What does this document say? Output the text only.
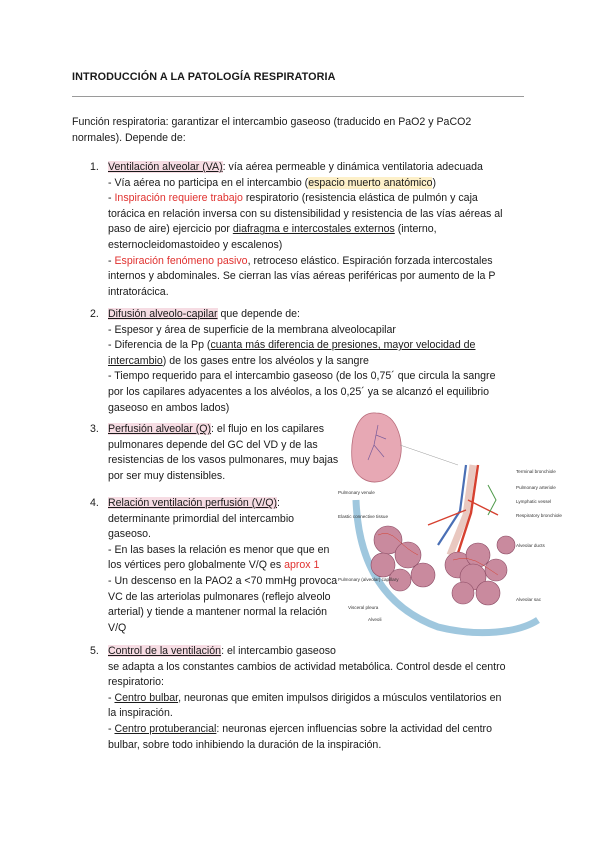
INTRODUCCIÓN A LA PATOLOGÍA RESPIRATORIA

Función respiratoria: garantizar el intercambio gaseoso (traducido en PaO2 y PaCO2

normales). Depende de:

1. Ventilación alveolar (VA): vía aérea permeable y dinámica ventilatoria adecuada

- Vía aérea no participa en el intercambio (espacio muerto anatómico)

- Inspiración requiere trabajo respiratorio (resistencia elástica de pulmón y caja

torácica en relación inversa con su distensibilidad y resistencia de las vías aéreas al

paso de aire) ejercicio por diafragma e intercostales externos (interno,

esternocleidomastoideo y escalenos)

- Espiración fenómeno pasivo, retroceso elástico. Espiración forzada intercostales

internos y abdominales. Se cierran las vías aéreas periféricas por aumento de la P

intratorácica.

2. Difusión alveolo-capilar que depende de:

- Espesor y área de superficie de la membrana alveolocapilar

- Diferencia de la Pp (cuanta más diferencia de presiones, mayor velocidad de

intercambio) de los gases entre los alvéolos y la sangre

- Tiempo requerido para el intercambio gaseoso (de los 0,75´ que circula la sangre

por los capilares adyacentes a los alvéolos, a los 0,25´ ya se alcanzó el equilibrio

gaseoso en ambos lados)

3. Perfusión alveolar (Q): el flujo en los capilares

pulmonares depende del GC del VD y de las

resistencias de los vasos pulmonares, muy bajas

por ser muy distensibles.

4. Relación ventilación perfusión (V/Q):

determinante primordial del intercambio

gaseoso.

- En las bases la relación es menor que que en

los vértices pero globalmente V/Q es aprox 1

- Un descenso en la PAO2 a <70 mmHg provoca

VC de las arteriolas pulmonares (reflejo alveolo

arterial) y tiende a mantener normal la relación

V/Q

5. Control de la ventilación: el intercambio gaseoso

se adapta a los constantes cambios de actividad metabólica. Control desde el centro

respiratorio:

- Centro bulbar, neuronas que emiten impulsos dirigidos a músculos ventilatorios en

la inspiración.

- Centro protuberancial: neuronas ejercen influencias sobre la actividad del centro

bulbar, sobre todo inhibiendo la duración de la inspiración.

Pulmonary venule
Elastic connective tissue
Pulmonary (alveolar) capillary
Visceral pleura
Alveoli
Terminal bronchiole
Pulmonary arteriole
Lymphatic vessel
Respiratory bronchiole
Alveolar ducts
Alveolar sac
